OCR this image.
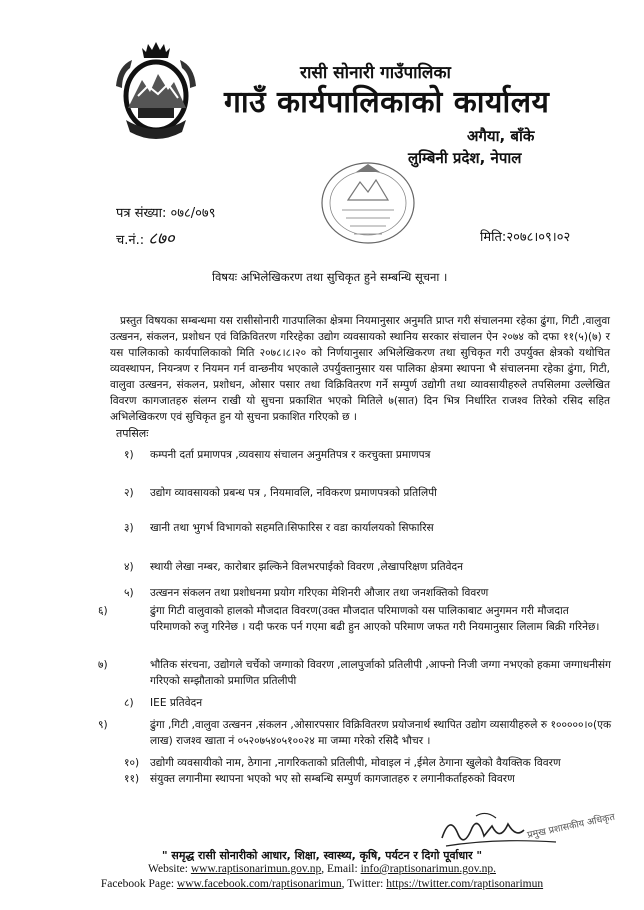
रासी सोनारी गाउँपालिका
गाउँ कार्यपालिकाको कार्यालय
अगैया, बाँके
लुम्बिनी प्रदेश, नेपाल
पत्र संख्या: ०७८/०७९
च.नं.: ८७०	मिति:२०७८।०९।०२
विषयः अभिलेखिकरण तथा सुचिकृत हुने सम्बन्धि सूचना ।

प्रस्तुत विषयका सम्बन्धमा यस रासीसोनारी गाउपालिका क्षेत्रमा नियमानुसार अनुमति प्राप्त गरी संचालनमा रहेका ढुंगा, गिटी ,वालुवा उत्खनन, संकलन, प्रशोधन एवं विक्रिवितरण गरिरहेका उद्योग व्यवसायको स्थानिय सरकार संचालन ऐन २०७४ को दफा ११(५)(७) र यस पालिकाको कार्यपालिकाको मिति २०७८।८।२० को निर्णयानुसार अभिलेखिकरण तथा सुचिकृत गरी उपर्युक्त क्षेत्रको यथोचित व्यवस्थापन, नियन्त्रण र नियमन गर्न वान्छनीय भएकाले उपर्युक्तानुसार यस पालिका क्षेत्रमा स्थापना भै संचालनमा रहेका ढुंगा, गिटी, वालुवा उत्खनन, संकलन, प्रशोधन, ओसार पसार तथा विक्रिवितरण गर्ने सम्पुर्ण उद्योगी तथा व्यावसायीहरुले तपसिलमा उल्लेखित विवरण कागजातहरु संलग्न राखी यो सुचना प्रकाशित भएको मितिले ७(सात) दिन भित्र निर्धारित राजश्व तिरेको रसिद सहित अभिलेखिकरण एवं सुचिकृत हुन यो सुचना प्रकाशित गरिएको छ ।

तपसिलः
१) कम्पनी दर्ता प्रमाणपत्र ,व्यवसाय संचालन अनुमतिपत्र र करचुक्ता प्रमाणपत्र
२) उद्योग व्यावसायको प्रबन्ध पत्र , नियमावलि, नविकरण प्रमाणपत्रको प्रतिलिपी
३) खानी तथा भुगर्भ विभागको सहमति।सिफारिस र वडा कार्यालयको सिफारिस
४) स्थायी लेखा नम्बर, कारोबार झल्किने विलभरपाईको विवरण ,लेखापरिक्षण प्रतिवेदन
५) उत्खनन संकलन तथा प्रशोधनमा प्रयोग गरिएका मेशिनरी औजार तथा जनशक्तिको विवरण
६)	ढुंगा गिटी वालुवाको हालको मौजदात विवरण(उक्त मौजदात परिमाणको यस पालिकाबाट अनुगमन गरी मौजदात परिमाणको रुजु गरिनेछ । यदी फरक पर्न गएमा बढी हुन आएको परिमाण जफत गरी नियमानुसार लिलाम बिक्री गरिनेछ।
७)	भौतिक संरचना, उद्योगले चर्चेको जग्गाको विवरण ,लालपुर्जाको प्रतिलीपी ,आफ्नो निजी जग्गा नभएको हकमा जग्गाधनीसंग गरिएको सम्झौताको प्रमाणित प्रतिलीपी
८) IEE प्रतिवेदन
९)	ढुंगा ,गिटी ,वालुवा उत्खनन ,संकलन ,ओसारपसार विक्रिवितरण प्रयोजनार्थ स्थापित उद्योग व्यसायीहरुले रु १०००००।०(एक लाख) राजश्व खाता नं ०५२०७५४०५१००२४ मा जम्मा गरेको रसिदै भौचर ।
१०) उद्योगी व्यवसायीको नाम, ठेगाना ,नागरिकताको प्रतिलीपी, मोवाइल नं ,ईमेल ठेगाना खुलेको वैयक्तिक विवरण
११) संयुक्त लगानीमा स्थापना भएको भए सो सम्बन्धि सम्पुर्ण कागजातहरु र लगानीकर्ताहरुको विवरण
प्रमुख प्रशासकीय अधिकृत

" समृद्ध रासी सोनारीको आधार, शिक्षा, स्वास्थ्य, कृषि, पर्यटन र दिगो पूर्वाधार "

Website: www.raptisonarimun.gov.np, Email: info@raptisonarimun.gov.np.

Facebook Page: www.facebook.com/raptisonarimun, Twitter: https://twitter.com/raptisonarimun
